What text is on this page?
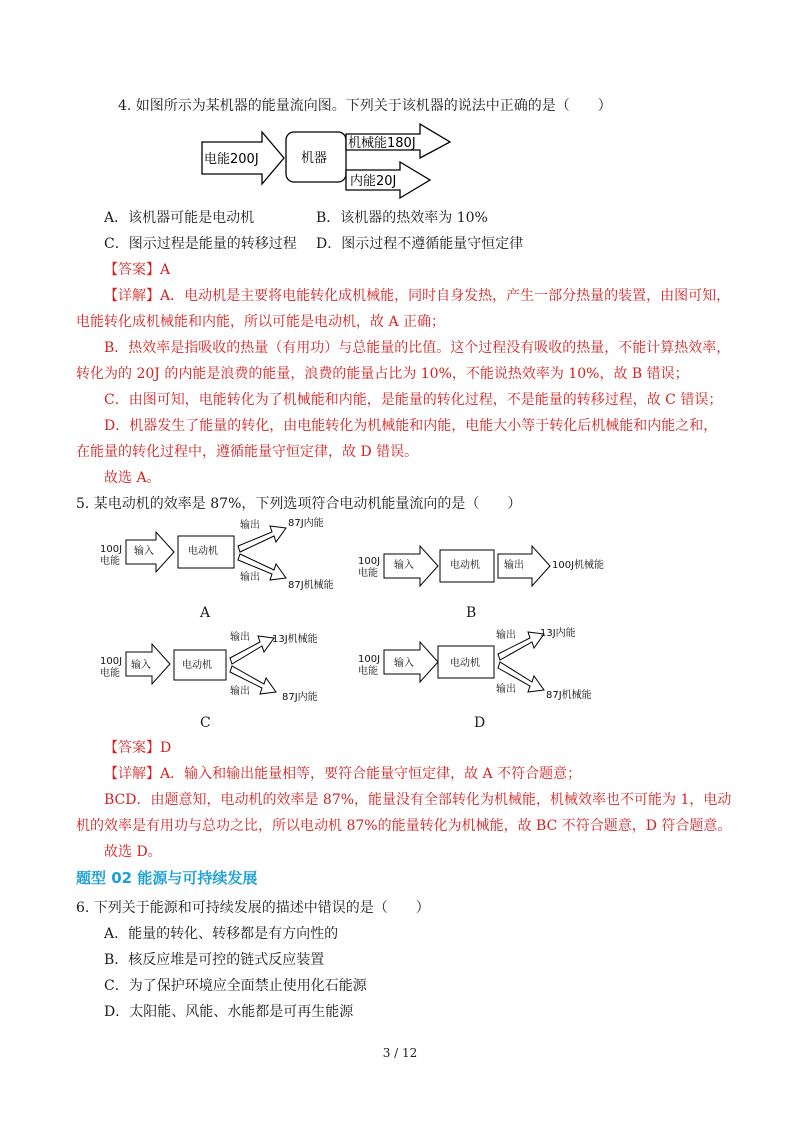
4. 如图所示为某机器的能量流向图。下列关于该机器的说法中正确的是（　　）
电能200J	机器
机械能180J
内能20J
A．该机器可能是电动机	B．该机器的热效率为 10%
C．图示过程是能量的转移过程 D．图示过程不遵循能量守恒定律
【答案】A
【详解】A．电动机是主要将电能转化成机械能，同时自身发热，产生一部分热量的装置，由图可知，
电能转化成机械能和内能，所以可能是电动机，故 A 正确；
B．热效率是指吸收的热量（有用功）与总能量的比值。这个过程没有吸收的热量，不能计算热效率，
转化为的 20J 的内能是浪费的能量，浪费的能量占比为 10%，不能说热效率为 10%，故 B 错误；
C．由图可知，电能转化为了机械能和内能，是能量的转化过程，不是能量的转移过程，故 C 错误；
D．机器发生了能量的转化，由电能转化为机械能和内能，电能大小等于转化后机械能和内能之和，
在能量的转化过程中，遵循能量守恒定律，故 D 错误。
故选 A。
5. 某电动机的效率是 87%，下列选项符合电动机能量流向的是（　　）
100J
电能
输入	电动机
输出
输出
87J内能
87J机械能
A
100J
电能
输入	电动机 输出	100J机械能
B
100J
电能
输入	电动机
输出
输出
13J机械能
87J内能
C
100J
电能
输入	电动机
输出
输出
13J内能
87J机械能
D
【答案】D
【详解】A．输入和输出能量相等，要符合能量守恒定律，故 A 不符合题意；
BCD．由题意知，电动机的效率是 87%，能量没有全部转化为机械能，机械效率也不可能为 1，电动
机的效率是有用功与总功之比，所以电动机 87%的能量转化为机械能，故 BC 不符合题意，D 符合题意。
故选 D。
题型 02 能源与可持续发展
6. 下列关于能源和可持续发展的描述中错误的是（　　）
A．能量的转化、转移都是有方向性的
B．核反应堆是可控的链式反应装置
C．为了保护环境应全面禁止使用化石能源
D．太阳能、风能、水能都是可再生能源
3 / 12
